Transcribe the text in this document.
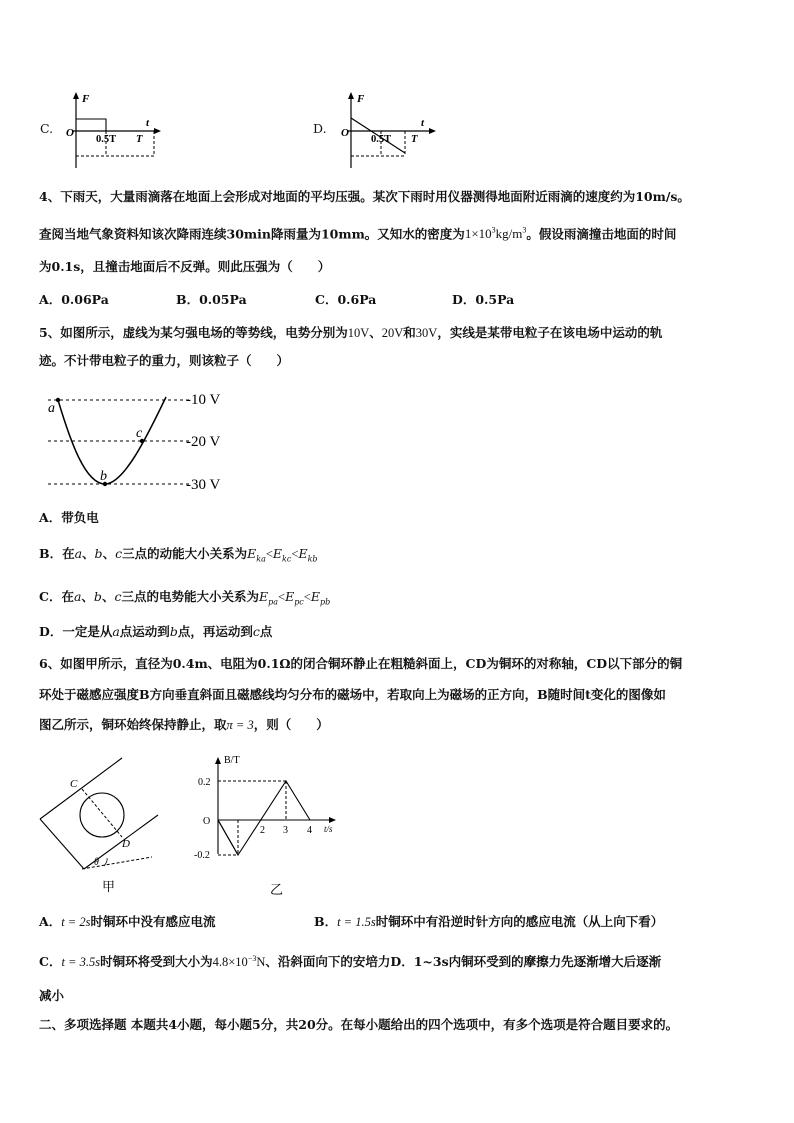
C.
F
O
t
0.5T T
D.
F
O
t
0.5T T
4、下雨天，大量雨滴落在地面上会形成对地面的平均压强。某次下雨时用仪器测得地面附近雨滴的速度约为10m/s。
查阅当地气象资料知该次降雨连续30min降雨量为10mm。又知水的密度为$1\times 10^3kg/m^3$。假设雨滴撞击地面的时间
为0.1s，且撞击地面后不反弹。则此压强为（　　）
A．0.06Pa	B．0.05Pa	C．0.6Pa	D．0.5Pa
5、如图所示，虚线为某匀强电场的等势线，电势分别为10V、20V和30V，实线是某带电粒子在该电场中运动的轨
迹。不计带电粒子的重力，则该粒子（　　）
a
b
c
-10 V
-20 V
-30 V
A．带负电
B．在a、b、c三点的动能大小关系为$E_{ka}<E_{kc}<E_{kb}$
C．在a、b、c三点的电势能大小关系为$E_{pa}<E_{pc}<E_{pb}$
D．一定是从a点运动到b点，再运动到c点
6、如图甲所示，直径为0.4m、电阻为0.1Ω的闭合铜环静止在粗糙斜面上，CD为铜环的对称轴，CD以下部分的铜
环处于磁感应强度B方向垂直斜面且磁感线均匀分布的磁场中，若取向上为磁场的正方向，B随时间t变化的图像如
图乙所示，铜环始终保持静止，取π = 3，则（　　）
C
D
θ
甲
B/T
0.2
O
-0.2
2 3 4 t/s
乙
A．t = 2s时铜环中没有感应电流	B．t = 1.5s时铜环中有沿逆时针方向的感应电流（从上向下看）
C．t = 3.5s时铜环将受到大小为$4.8\times 10^{-3}N$、沿斜面向下的安培力D．1~3s内铜环受到的摩擦力先逐渐增大后逐渐
减小
二、多项选择题 本题共4小题，每小题5分，共20分。在每小题给出的四个选项中，有多个选项是符合题目要求的。
